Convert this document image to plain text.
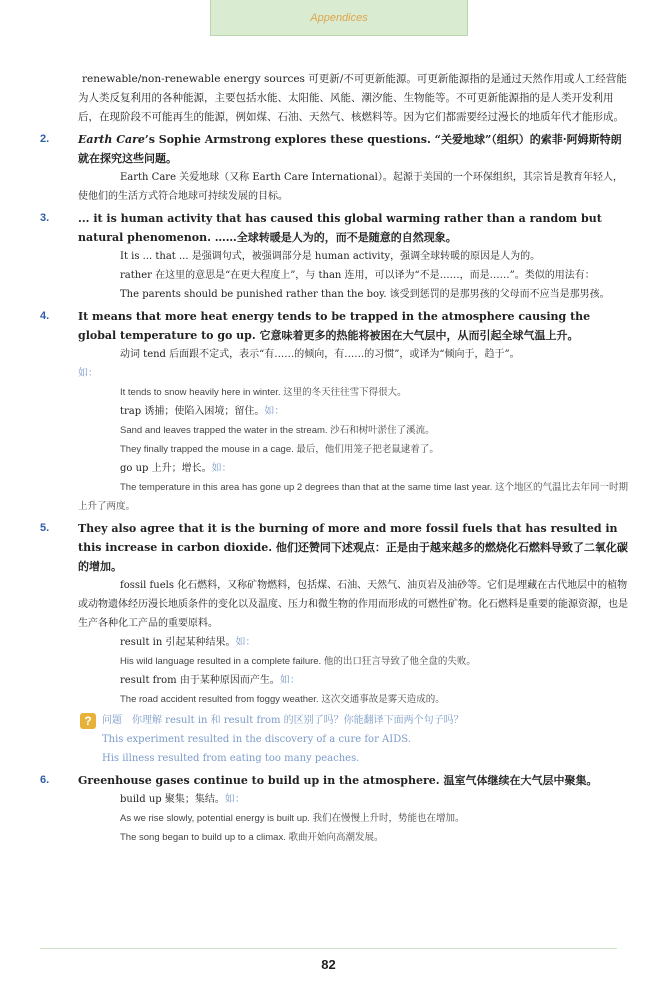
Appendices

renewable/non-renewable energy sources 可更新/不可更新能源。可更新能源指的是通过天然作用或人工经营能为人类反复利用的各种能源，主要包括水能、太阳能、风能、潮汐能、生物能等。不可更新能源指的是人类开发利用后，在现阶段不可能再生的能源，例如煤、石油、天然气、核燃料等。因为它们都需要经过漫长的地质年代才能形成。

2.	Earth Care’s Sophie Armstrong explores these questions. “关爱地球”（组织）的索菲·阿姆斯特朗就在探究这些问题。

Earth Care 关爱地球（又称 Earth Care International）。起源于美国的一个环保组织，其宗旨是教育年轻人，使他们的生活方式符合地球可持续发展的目标。

3.	... it is human activity that has caused this global warming rather than a random but natural phenomenon. ……全球转暖是人为的，而不是随意的自然现象。

It is ... that ... 是强调句式，被强调部分是 human activity，强调全球转暖的原因是人为的。

rather 在这里的意思是“在更大程度上”，与 than 连用，可以译为“不是……，而是……”。类似的用法有：

The parents should be punished rather than the boy. 该受到惩罚的是那男孩的父母而不应当是那男孩。

4.	It means that more heat energy tends to be trapped in the atmosphere causing the global temperature to go up. 它意味着更多的热能将被困在大气层中，从而引起全球气温上升。

动词 tend 后面跟不定式，表示“有……的倾向，有……的习惯”，或译为“倾向于，趋于”。

如：

It tends to snow heavily here in winter. 这里的冬天往往雪下得很大。

trap 诱捕；使陷入困境；留住。如：

Sand and leaves trapped the water in the stream. 沙石和树叶淤住了溪流。

They finally trapped the mouse in a cage. 最后，他们用笼子把老鼠逮着了。

go up 上升；增长。如：

The temperature in this area has gone up 2 degrees than that at the same time last year. 这个地区的气温比去年同一时期上升了两度。

5.	They also agree that it is the burning of more and more fossil fuels that has resulted in this increase in carbon dioxide. 他们还赞同下述观点：正是由于越来越多的燃烧化石燃料导致了二氧化碳的增加。

fossil fuels 化石燃料，又称矿物燃料，包括煤、石油、天然气、油页岩及油砂等。它们是埋藏在古代地层中的植物或动物遗体经历漫长地质条件的变化以及温度、压力和微生物的作用而形成的可燃性矿物。化石燃料是重要的能源资源，也是生产各种化工产品的重要原料。

result in 引起某种结果。如：

His wild language resulted in a complete failure. 他的出口狂言导致了他全盘的失败。

result from 由于某种原因而产生。如：

The road accident resulted from foggy weather. 这次交通事故是雾天造成的。

?	问题　你理解 result in 和 result from 的区别了吗？你能翻译下面两个句子吗？

This experiment resulted in the discovery of a cure for AIDS.

His illness resulted from eating too many peaches.

6.	Greenhouse gases continue to build up in the atmosphere. 温室气体继续在大气层中聚集。

build up 聚集；集结。如：

As we rise slowly, potential energy is built up. 我们在慢慢上升时，势能也在增加。

The song began to build up to a climax. 歌曲开始向高潮发展。

82
